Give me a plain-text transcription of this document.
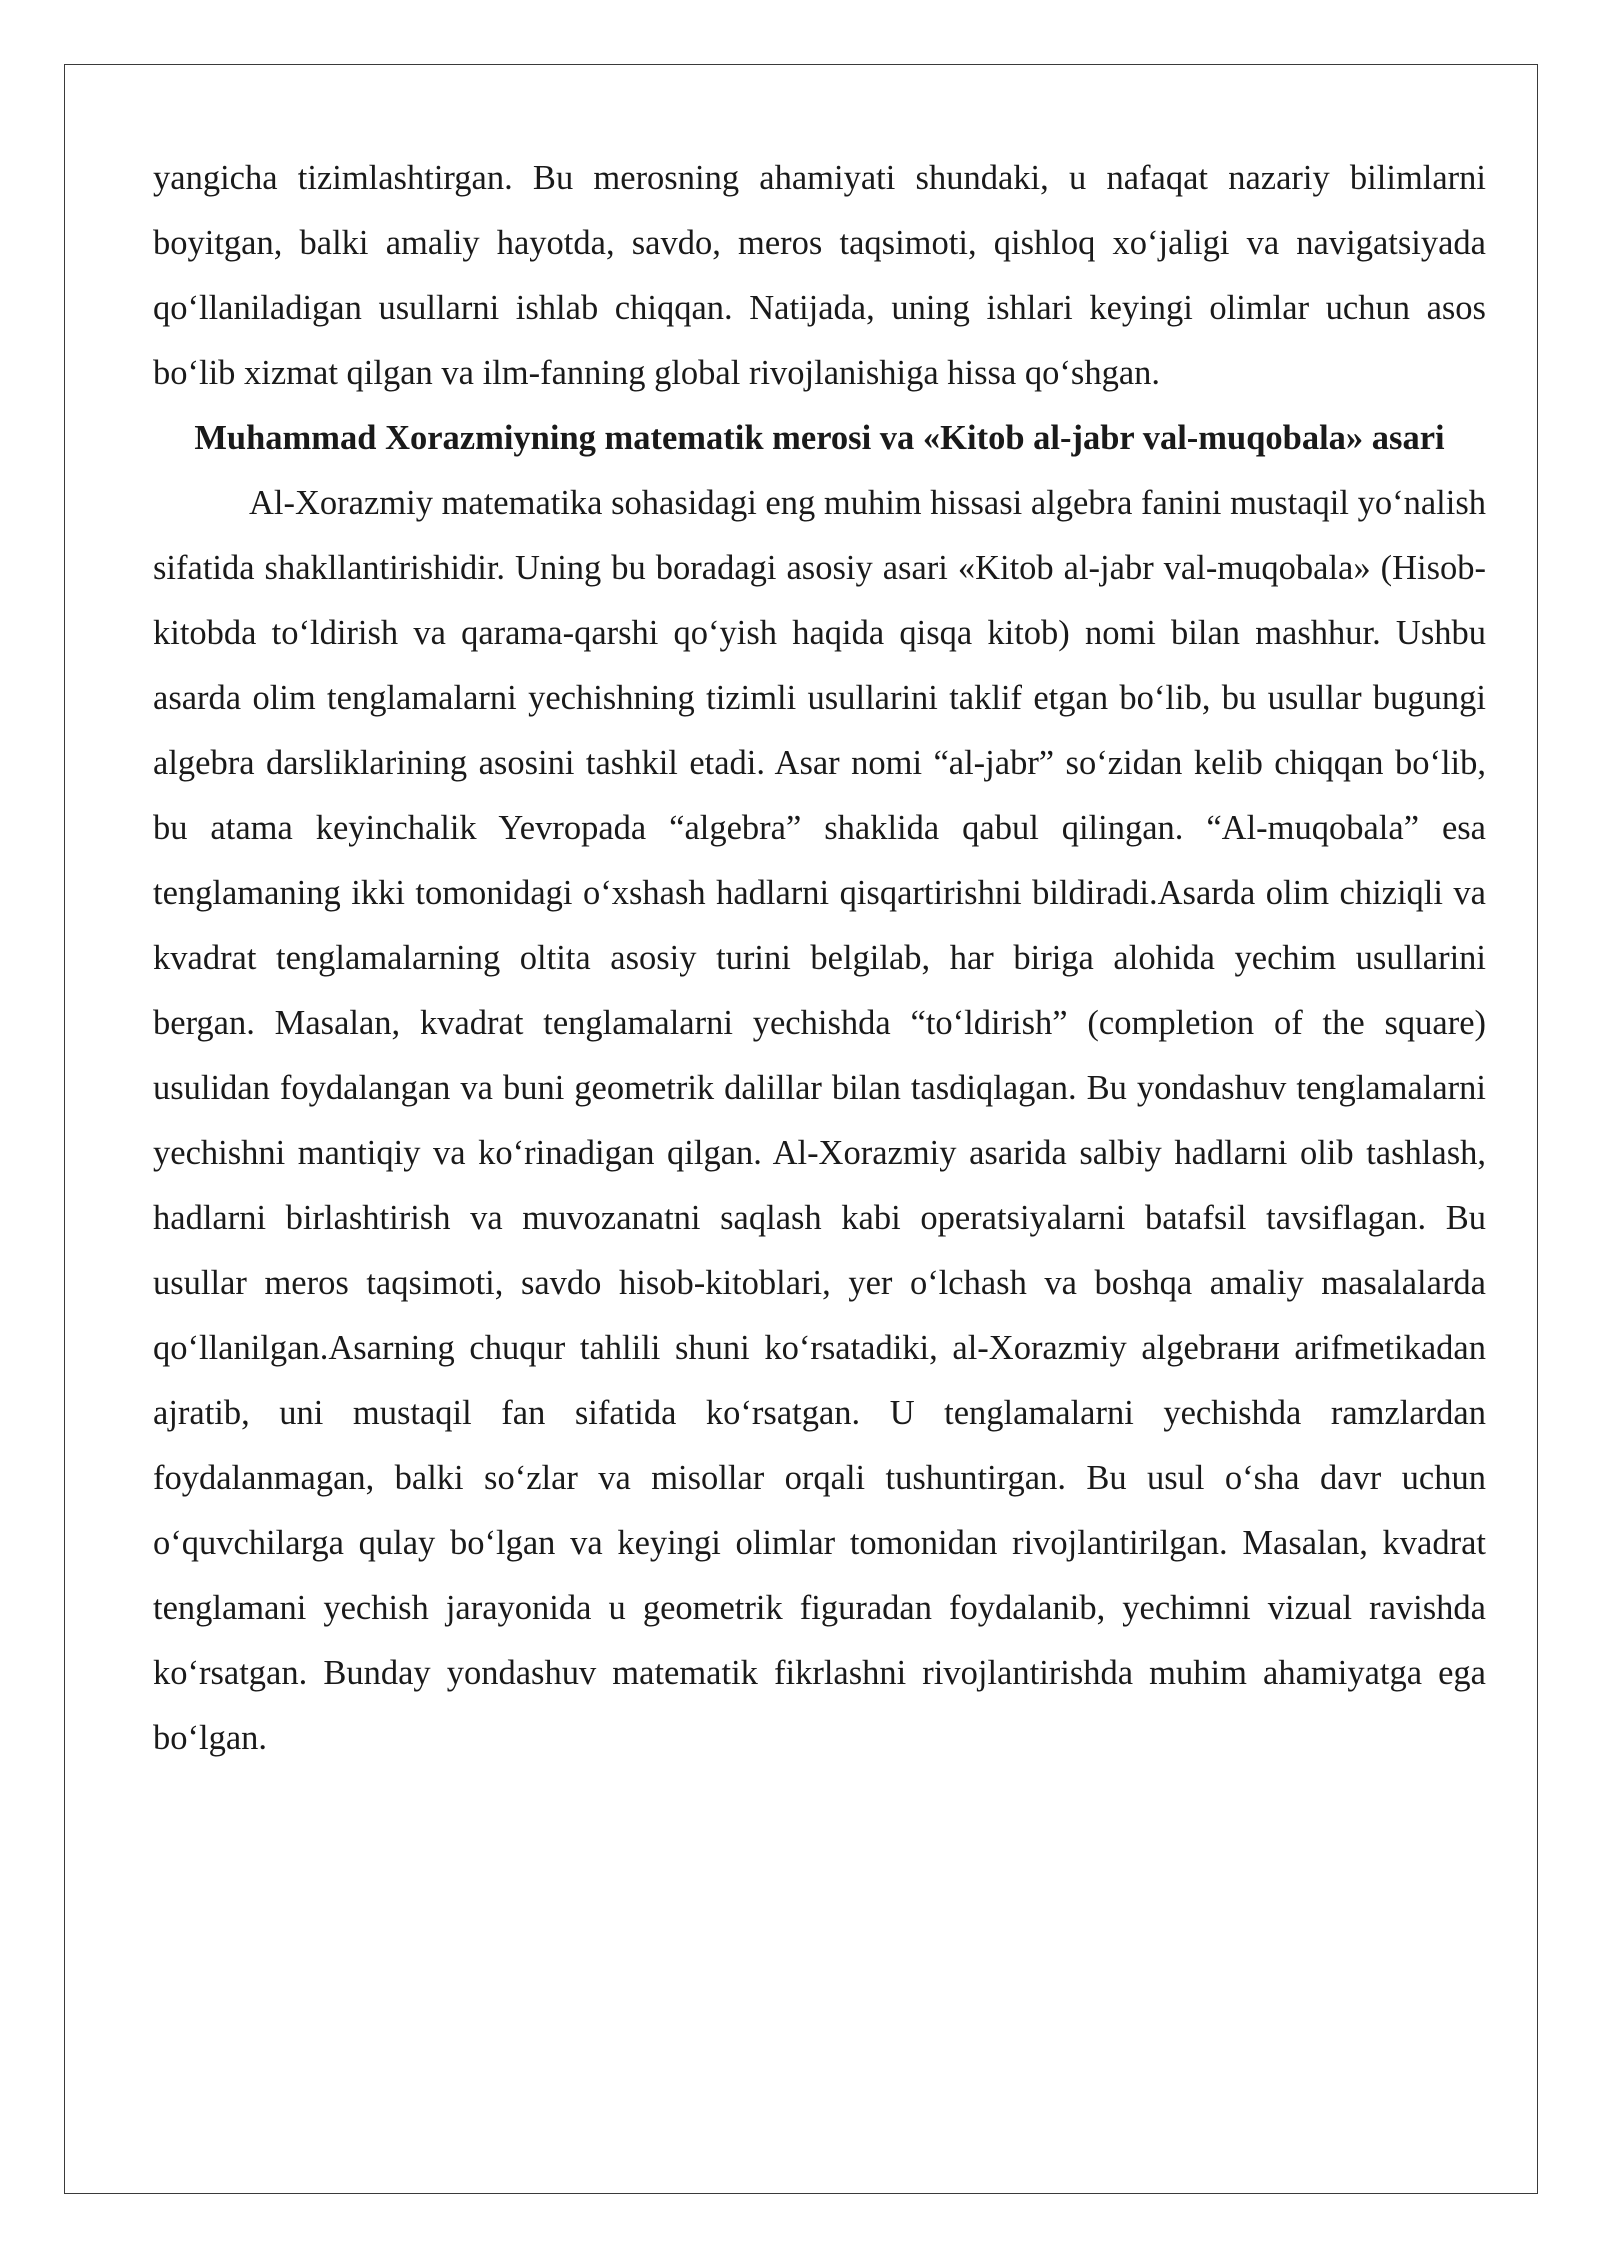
yangicha tizimlashtirgan. Bu merosning ahamiyati shundaki, u nafaqat nazariy bilimlarni boyitgan, balki amaliy hayotda, savdo, meros taqsimoti, qishloq xo‘jaligi va navigatsiyada qo‘llaniladigan usullarni ishlab chiqqan. Natijada, uning ishlari keyingi olimlar uchun asos bo‘lib xizmat qilgan va ilm-fanning global rivojlanishiga hissa qo‘shgan.

Muhammad Xorazmiyning matematik merosi va «Kitob al-jabr val-muqobala» asari

Al-Xorazmiy matematika sohasidagi eng muhim hissasi algebra fanini mustaqil yo‘nalish sifatida shakllantirishidir. Uning bu boradagi asosiy asari «Kitob al-jabr val-muqobala» (Hisob-kitobda to‘ldirish va qarama-qarshi qo‘yish haqida qisqa kitob) nomi bilan mashhur. Ushbu asarda olim tenglamalarni yechishning tizimli usullarini taklif etgan bo‘lib, bu usullar bugungi algebra darsliklarining asosini tashkil etadi. Asar nomi “al-jabr” so‘zidan kelib chiqqan bo‘lib, bu atama keyinchalik Yevropada “algebra” shaklida qabul qilingan. “Al-muqobala” esa tenglamaning ikki tomonidagi o‘xshash hadlarni qisqartirishni bildiradi.Asarda olim chiziqli va kvadrat tenglamalarning oltita asosiy turini belgilab, har biriga alohida yechim usullarini bergan. Masalan, kvadrat tenglamalarni yechishda “to‘ldirish” (completion of the square) usulidan foydalangan va buni geometrik dalillar bilan tasdiqlagan. Bu yondashuv tenglamalarni yechishni mantiqiy va ko‘rinadigan qilgan. Al-Xorazmiy asarida salbiy hadlarni olib tashlash, hadlarni birlashtirish va muvozanatni saqlash kabi operatsiyalarni batafsil tavsiflagan. Bu usullar meros taqsimoti, savdo hisob-kitoblari, yer o‘lchash va boshqa amaliy masalalarda qo‘llanilgan.Asarning chuqur tahlili shuni ko‘rsatadiki, al-Xorazmiy algebrани arifmetikadan ajratib, uni mustaqil fan sifatida ko‘rsatgan. U tenglamalarni yechishda ramzlardan foydalanmagan, balki so‘zlar va misollar orqali tushuntirgan. Bu usul o‘sha davr uchun o‘quvchilarga qulay bo‘lgan va keyingi olimlar tomonidan rivojlantirilgan. Masalan, kvadrat tenglamani yechish jarayonida u geometrik figuradan foydalanib, yechimni vizual ravishda ko‘rsatgan. Bunday yondashuv matematik fikrlashni rivojlantirishda muhim ahamiyatga ega bo‘lgan.
